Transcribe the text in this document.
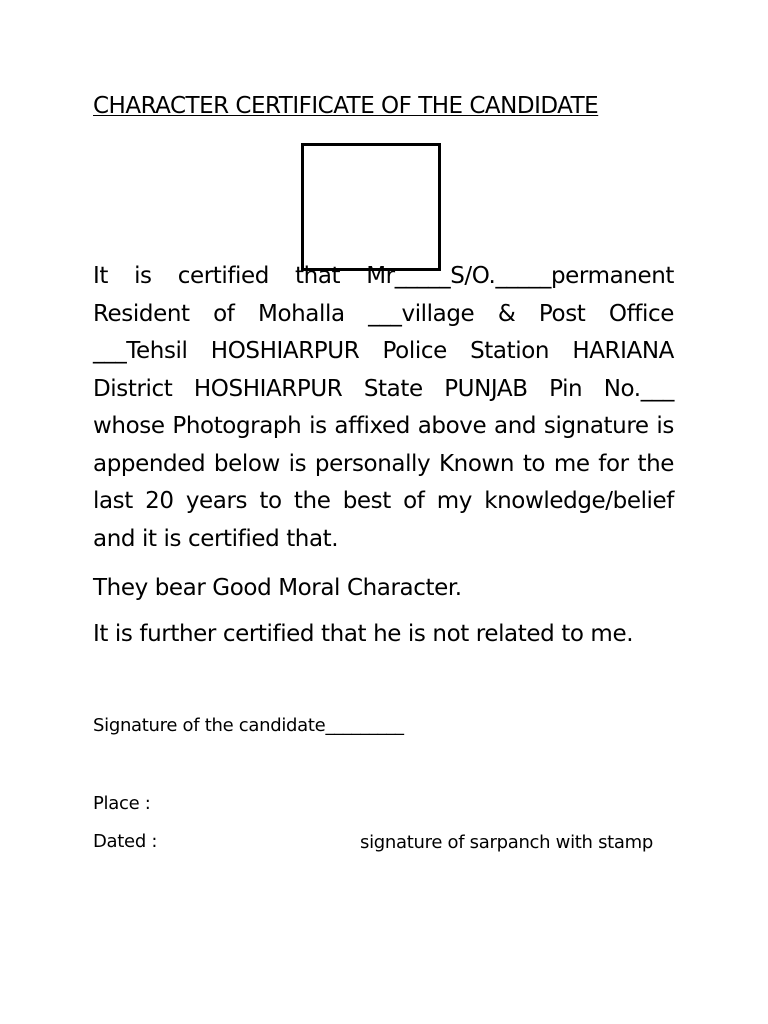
CHARACTER CERTIFICATE OF THE CANDIDATE

It is certified that Mr_____S/O._____permanent Resident of Mohalla ___village & Post Office ___Tehsil HOSHIARPUR Police Station HARIANA District HOSHIARPUR State PUNJAB Pin No.___ whose Photograph is affixed above and signature is appended below is personally Known to me for the last 20 years to the best of my knowledge/belief and it is certified that.

They bear Good Moral Character.
It is further certified that he is not related to me.
Signature of the candidate_________
Place :
Dated :	signature of sarpanch with stamp
